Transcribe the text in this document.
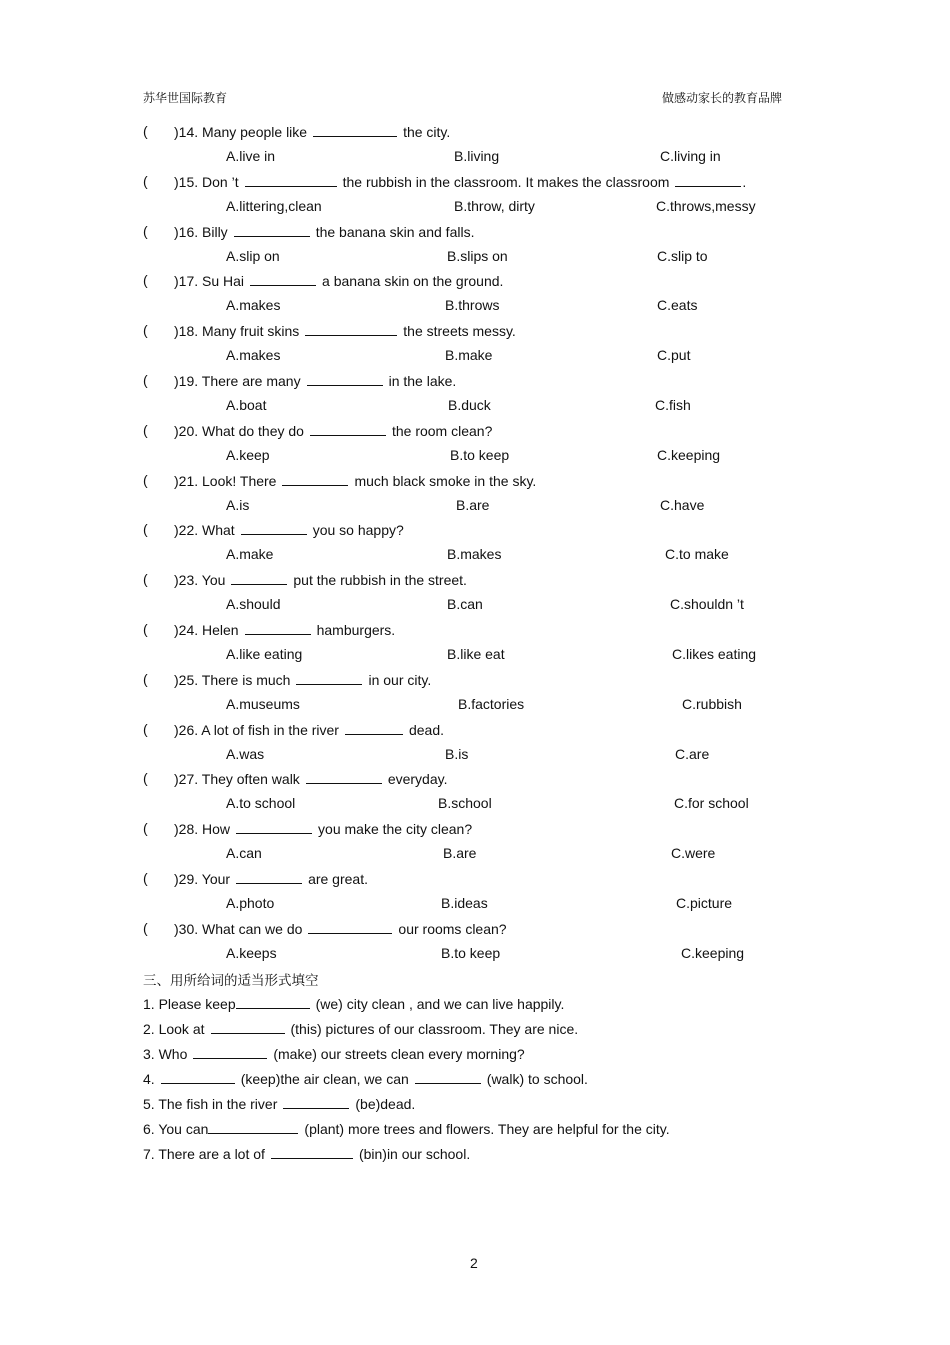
苏华世国际教育	做感动家长的教育品牌
( )14. Many people like	the city.
A.live in	B.living	C.living in
( )15. Don ’t	the rubbish in the classroom. It makes the classroom	.
A.littering,clean	B.throw, dirty	C.throws,messy
( )16. Billy	the banana skin and falls.
A.slip on	B.slips on	C.slip to
( )17. Su Hai	a banana skin on the ground.
A.makes	B.throws	C.eats
( )18. Many fruit skins	the streets messy.
A.makes	B.make	C.put
( )19. There are many	in the lake.
A.boat	B.duck	C.fish
( )20. What do they do	the room clean?
A.keep	B.to keep	C.keeping
( )21. Look! There	much black smoke in the sky.
A.is	B.are	C.have
( )22. What	you so happy?
A.make	B.makes	C.to make
( )23. You	put the rubbish in the street.
A.should	B.can	C.shouldn ’t
( )24. Helen	hamburgers.
A.like eating	B.like eat	C.likes eating
( )25. There is much	in our city.
A.museums	B.factories	C.rubbish
( )26. A lot of fish in the river	dead.
A.was	B.is	C.are
( )27. They often walk	everyday.
A.to school	B.school	C.for school
( )28. How	you make the city clean?
A.can	B.are	C.were
( )29. Your	are great.
A.photo	B.ideas	C.picture
( )30. What can we do	our rooms clean?
A.keeps	B.to keep	C.keeping
三、用所给词的适当形式填空
1. Please keep	(we) city clean , and we can live happily.
2. Look at	(this) pictures of our classroom. They are nice.
3. Who	(make) our streets clean every morning?
4.	(keep)the air clean, we can	(walk) to school.
5. The fish in the river	(be)dead.
6. You can	(plant) more trees and flowers. They are helpful for the city.
7. There are a lot of	(bin)in our school.
2
